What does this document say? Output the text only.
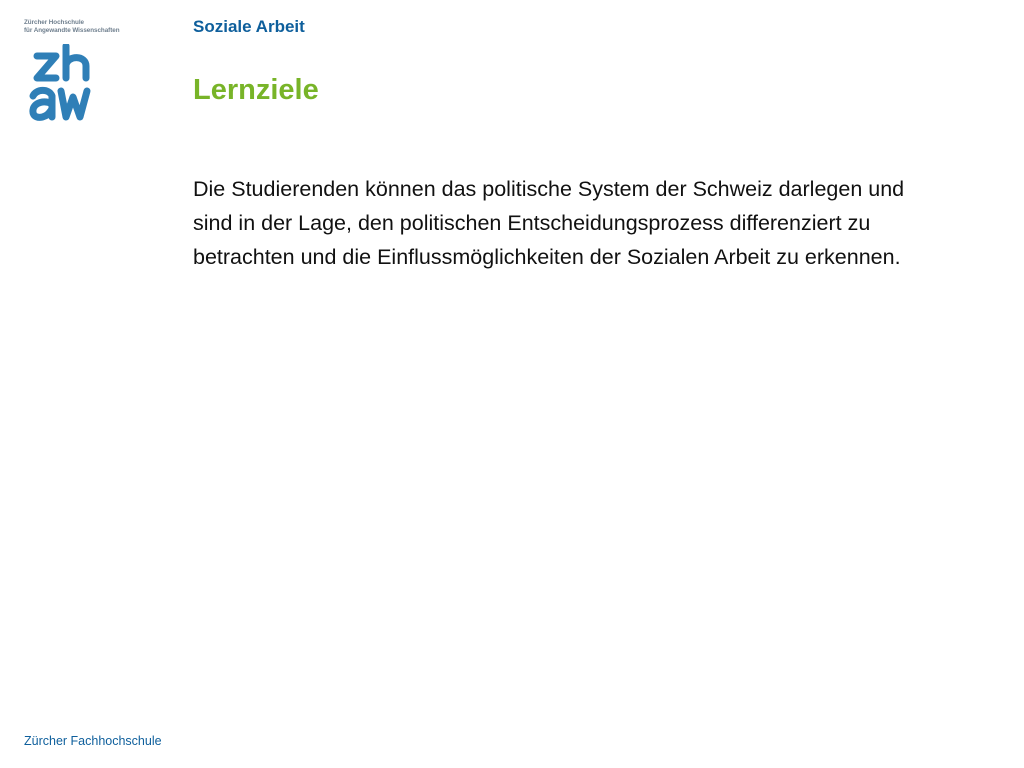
Zürcher Hochschule
für Angewandte Wissenschaften	Soziale Arbeit
Lernziele

Die Studierenden können das politische System der Schweiz darlegen und sind in der Lage, den politischen Entscheidungsprozess differenziert zu betrachten und die Einflussmöglichkeiten der Sozialen Arbeit zu erkennen.

Zürcher Fachhochschule
